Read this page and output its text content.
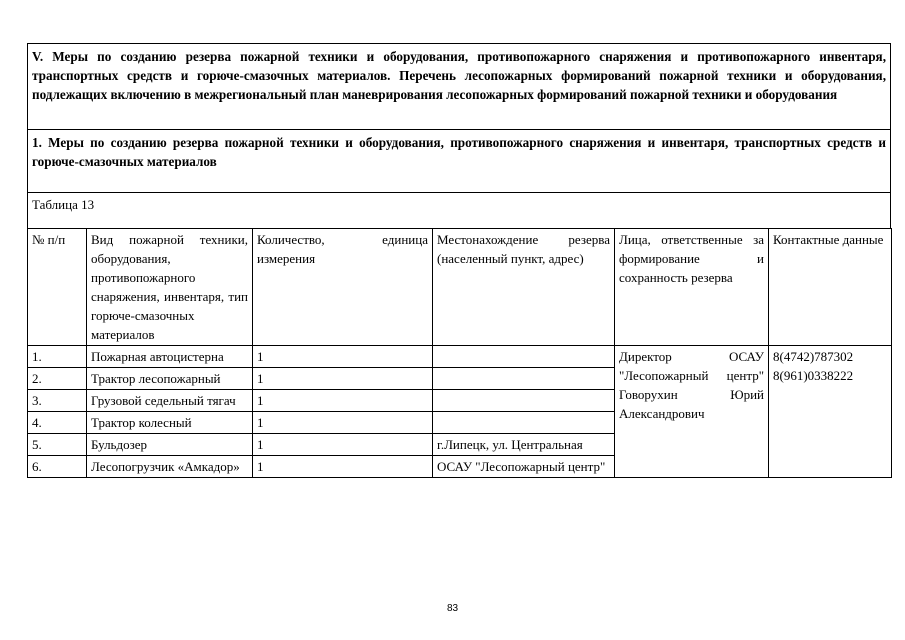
V. Меры по созданию резерва пожарной техники и оборудования, противопожарного снаряжения и противопожарного инвентаря, транспортных средств и горюче-смазочных материалов. Перечень лесопожарных формирований пожарной техники и оборудования, подлежащих включению в межрегиональный план маневрирования лесопожарных формирований пожарной техники и оборудования
1. Меры по созданию резерва пожарной техники и оборудования, противопожарного снаряжения и инвентаря, транспортных средств и горюче-смазочных материалов
Таблица 13
№ п/п	Вид пожарной техники, оборудования, противопожарного снаряжения, инвентаря, тип горюче-смазочных материалов	Количество, единица измерения	Местонахождение резерва (населенный пункт, адрес)	Лица, ответственные за формирование и сохранность резерва	Контактные данные
1.	Пожарная автоцистерна	1		Директор ОСАУ "Лесопожарный центр" Говорухин Юрий Александрович	8(4742)787302
8(961)0338222

2.	Трактор лесопожарный	1			
3.	Грузовой седельный тягач	1			
4.	Трактор колесный	1			
5.	Бульдозер	1	г.Липецк, ул. Центральная		
6.	Лесопогрузчик «Амкадор»	1	ОСАУ "Лесопожарный центр"		
83
